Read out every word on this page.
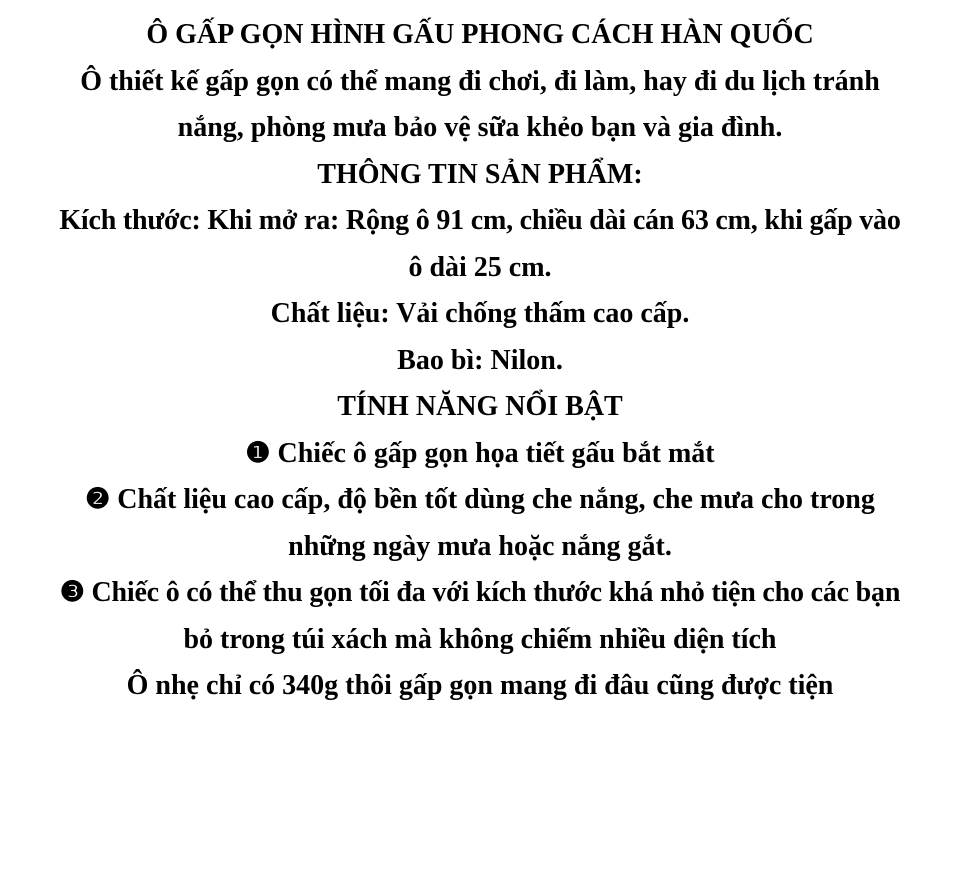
Ô GẤP GỌN HÌNH GẤU PHONG CÁCH HÀN QUỐC
Ô thiết kế gấp gọn có thể mang đi chơi, đi làm, hay đi du lịch tránh
nắng, phòng mưa bảo vệ sữa khẻo bạn và gia đình.
THÔNG TIN SẢN PHẨM:
Kích thước: Khi mở ra: Rộng ô 91 cm, chiều dài cán 63 cm, khi gấp vào
ô dài 25 cm.
Chất liệu: Vải chống thấm cao cấp.
Bao bì: Nilon.
TÍNH NĂNG NỔI BẬT
❶ Chiếc ô gấp gọn họa tiết gấu bắt mắt
❷ Chất liệu cao cấp, độ bền tốt dùng che nắng, che mưa cho trong
những ngày mưa hoặc nắng gắt.
❸ Chiếc ô có thể thu gọn tối đa với kích thước khá nhỏ tiện cho các bạn
bỏ trong túi xách mà không chiếm nhiều diện tích
Ô nhẹ chỉ có 340g thôi gấp gọn mang đi đâu cũng được tiện
